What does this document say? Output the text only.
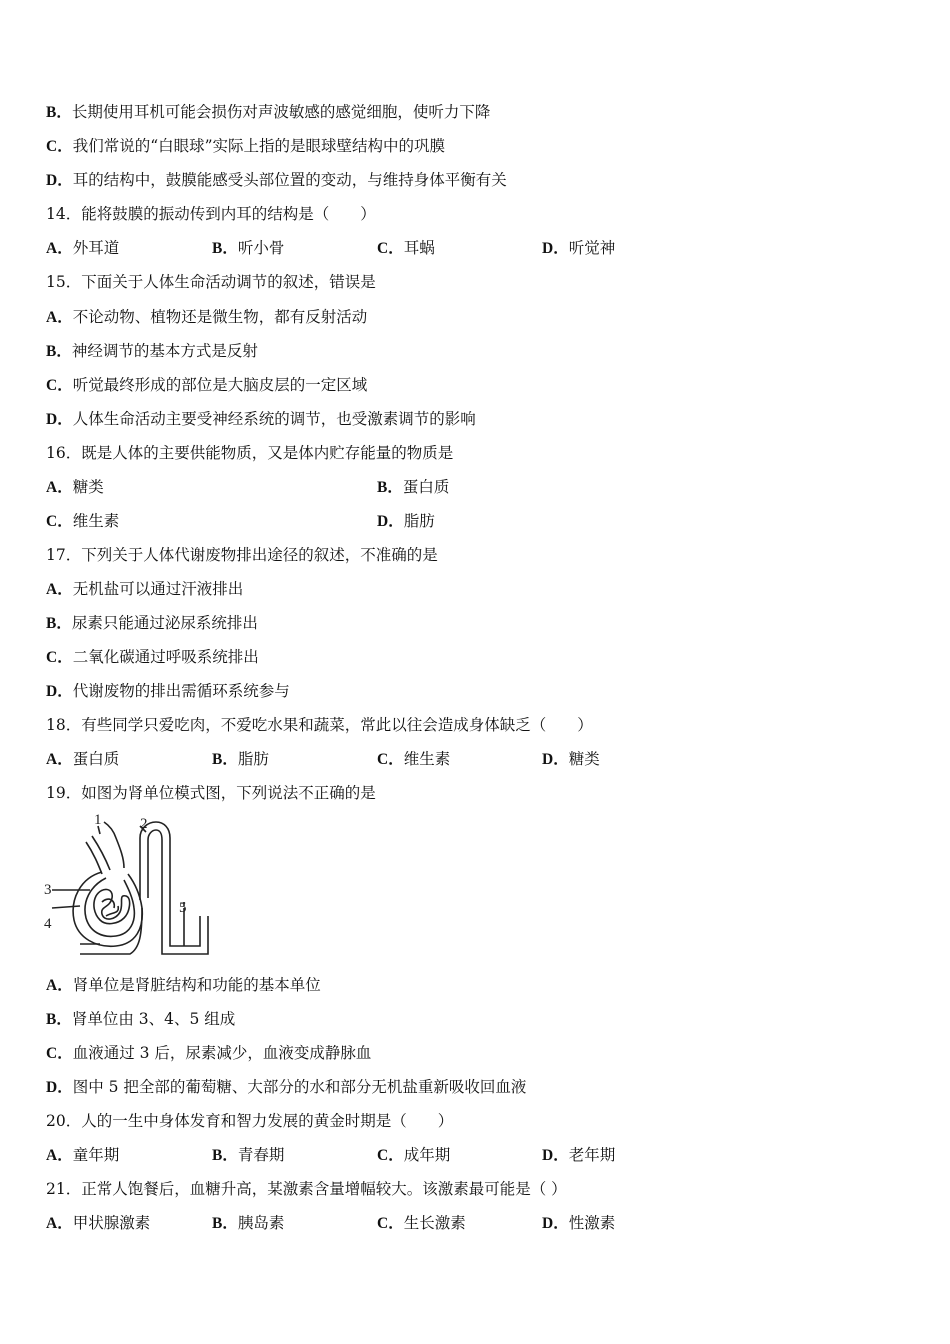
B．长期使用耳机可能会损伤对声波敏感的感觉细胞，使听力下降
C．我们常说的“白眼球”实际上指的是眼球壁结构中的巩膜
D．耳的结构中，鼓膜能感受头部位置的变动，与维持身体平衡有关
14．能将鼓膜的振动传到内耳的结构是（　　）
A．外耳道	B．听小骨	C．耳蜗	D．听觉神
15．下面关于人体生命活动调节的叙述，错误是
A．不论动物、植物还是微生物，都有反射活动
B．神经调节的基本方式是反射
C．听觉最终形成的部位是大脑皮层的一定区域
D．人体生命活动主要受神经系统的调节，也受激素调节的影响
16．既是人体的主要供能物质，又是体内贮存能量的物质是
A．糖类	B．蛋白质
C．维生素	D．脂肪
17．下列关于人体代谢废物排出途径的叙述，不准确的是
A．无机盐可以通过汗液排出
B．尿素只能通过泌尿系统排出
C．二氧化碳通过呼吸系统排出
D．代谢废物的排出需循环系统参与
18．有些同学只爱吃肉，不爱吃水果和蔬菜，常此以往会造成身体缺乏（　　）
A．蛋白质	B．脂肪	C．维生素	D．糖类
19．如图为肾单位模式图，下列说法不正确的是
1	2
3
4
5
A．肾单位是肾脏结构和功能的基本单位
B．肾单位由 3、4、5 组成
C．血液通过 3 后，尿素减少，血液变成静脉血
D．图中 5 把全部的葡萄糖、大部分的水和部分无机盐重新吸收回血液
20．人的一生中身体发育和智力发展的黄金时期是（　　）
A．童年期	B．青春期	C．成年期	D．老年期
21．正常人饱餐后，血糖升高，某激素含量增幅较大。该激素最可能是（ ）
A．甲状腺激素	B．胰岛素	C．生长激素	D．性激素
